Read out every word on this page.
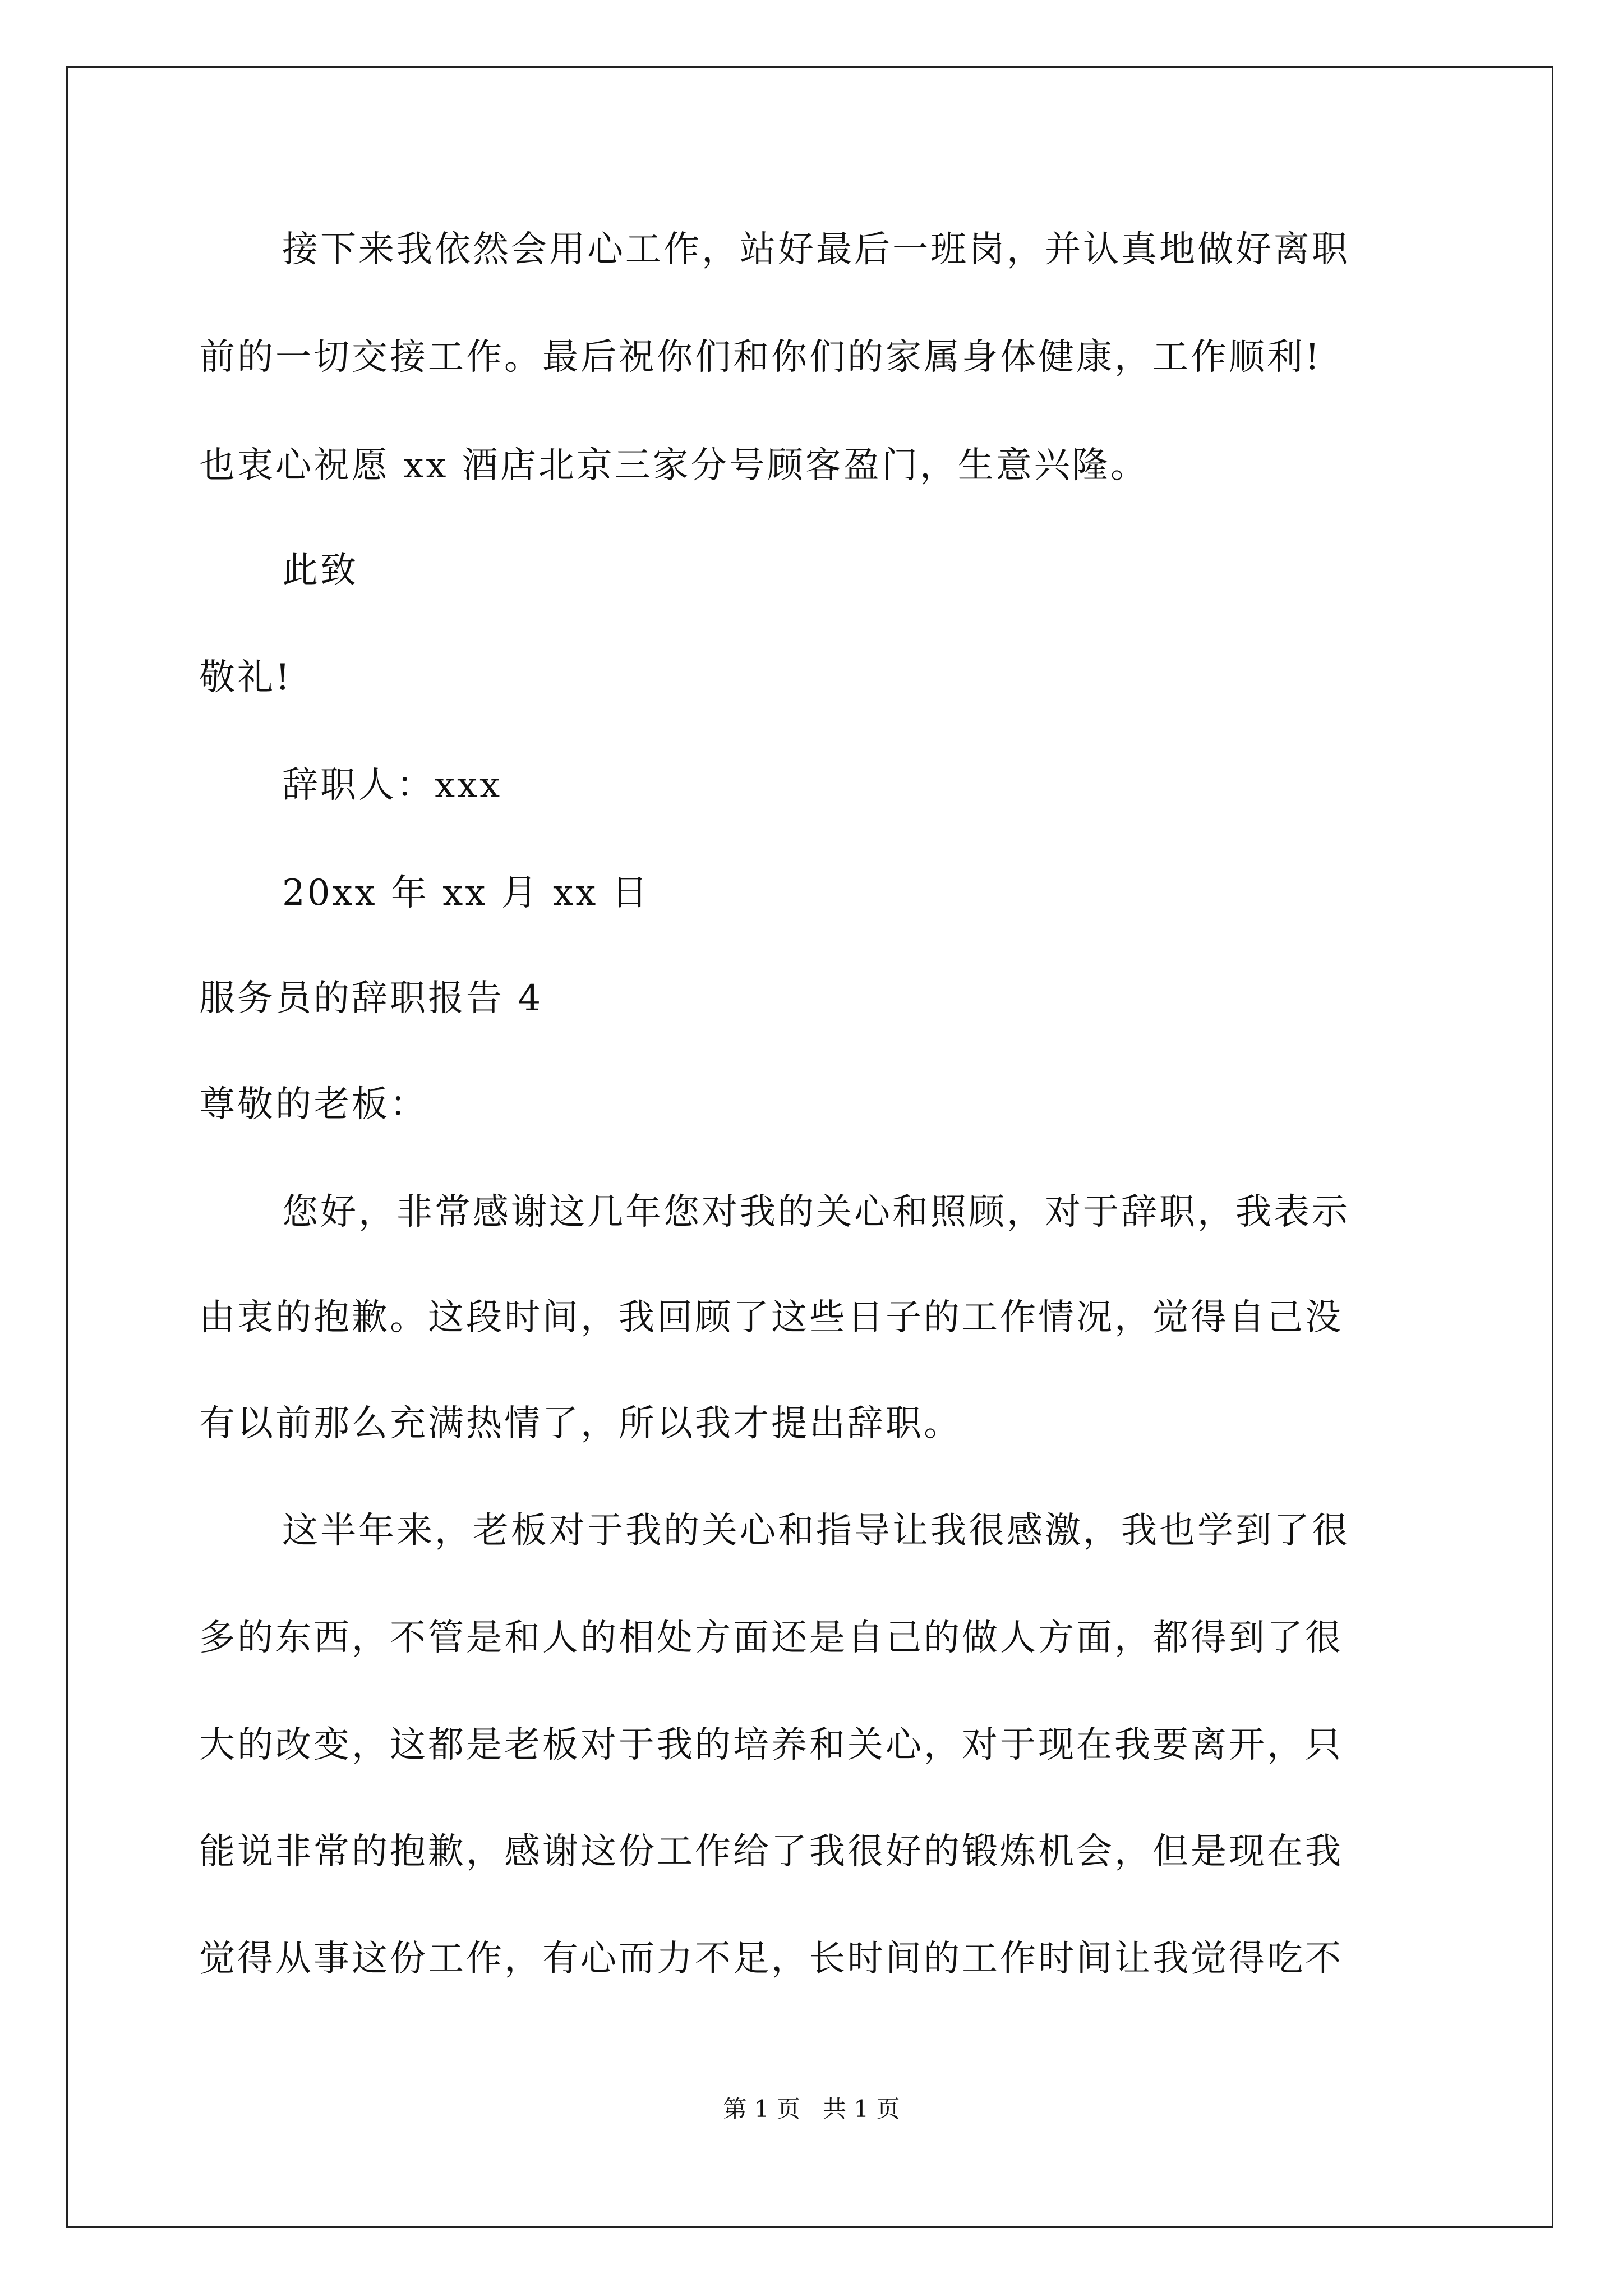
接下来我依然会用心工作，站好最后一班岗，并认真地做好离职
前的一切交接工作。最后祝你们和你们的家属身体健康，工作顺利!
也衷心祝愿 xx 酒店北京三家分号顾客盈门，生意兴隆。
此致
敬礼!
辞职人：xxx
20xx 年 xx 月 xx 日
服务员的辞职报告 4
尊敬的老板：
您好，非常感谢这几年您对我的关心和照顾，对于辞职，我表示
由衷的抱歉。这段时间，我回顾了这些日子的工作情况，觉得自己没
有以前那么充满热情了，所以我才提出辞职。
这半年来，老板对于我的关心和指导让我很感激，我也学到了很
多的东西，不管是和人的相处方面还是自己的做人方面，都得到了很
大的改变，这都是老板对于我的培养和关心，对于现在我要离开，只
能说非常的抱歉，感谢这份工作给了我很好的锻炼机会，但是现在我
觉得从事这份工作，有心而力不足，长时间的工作时间让我觉得吃不
第 1 页   共 1 页
